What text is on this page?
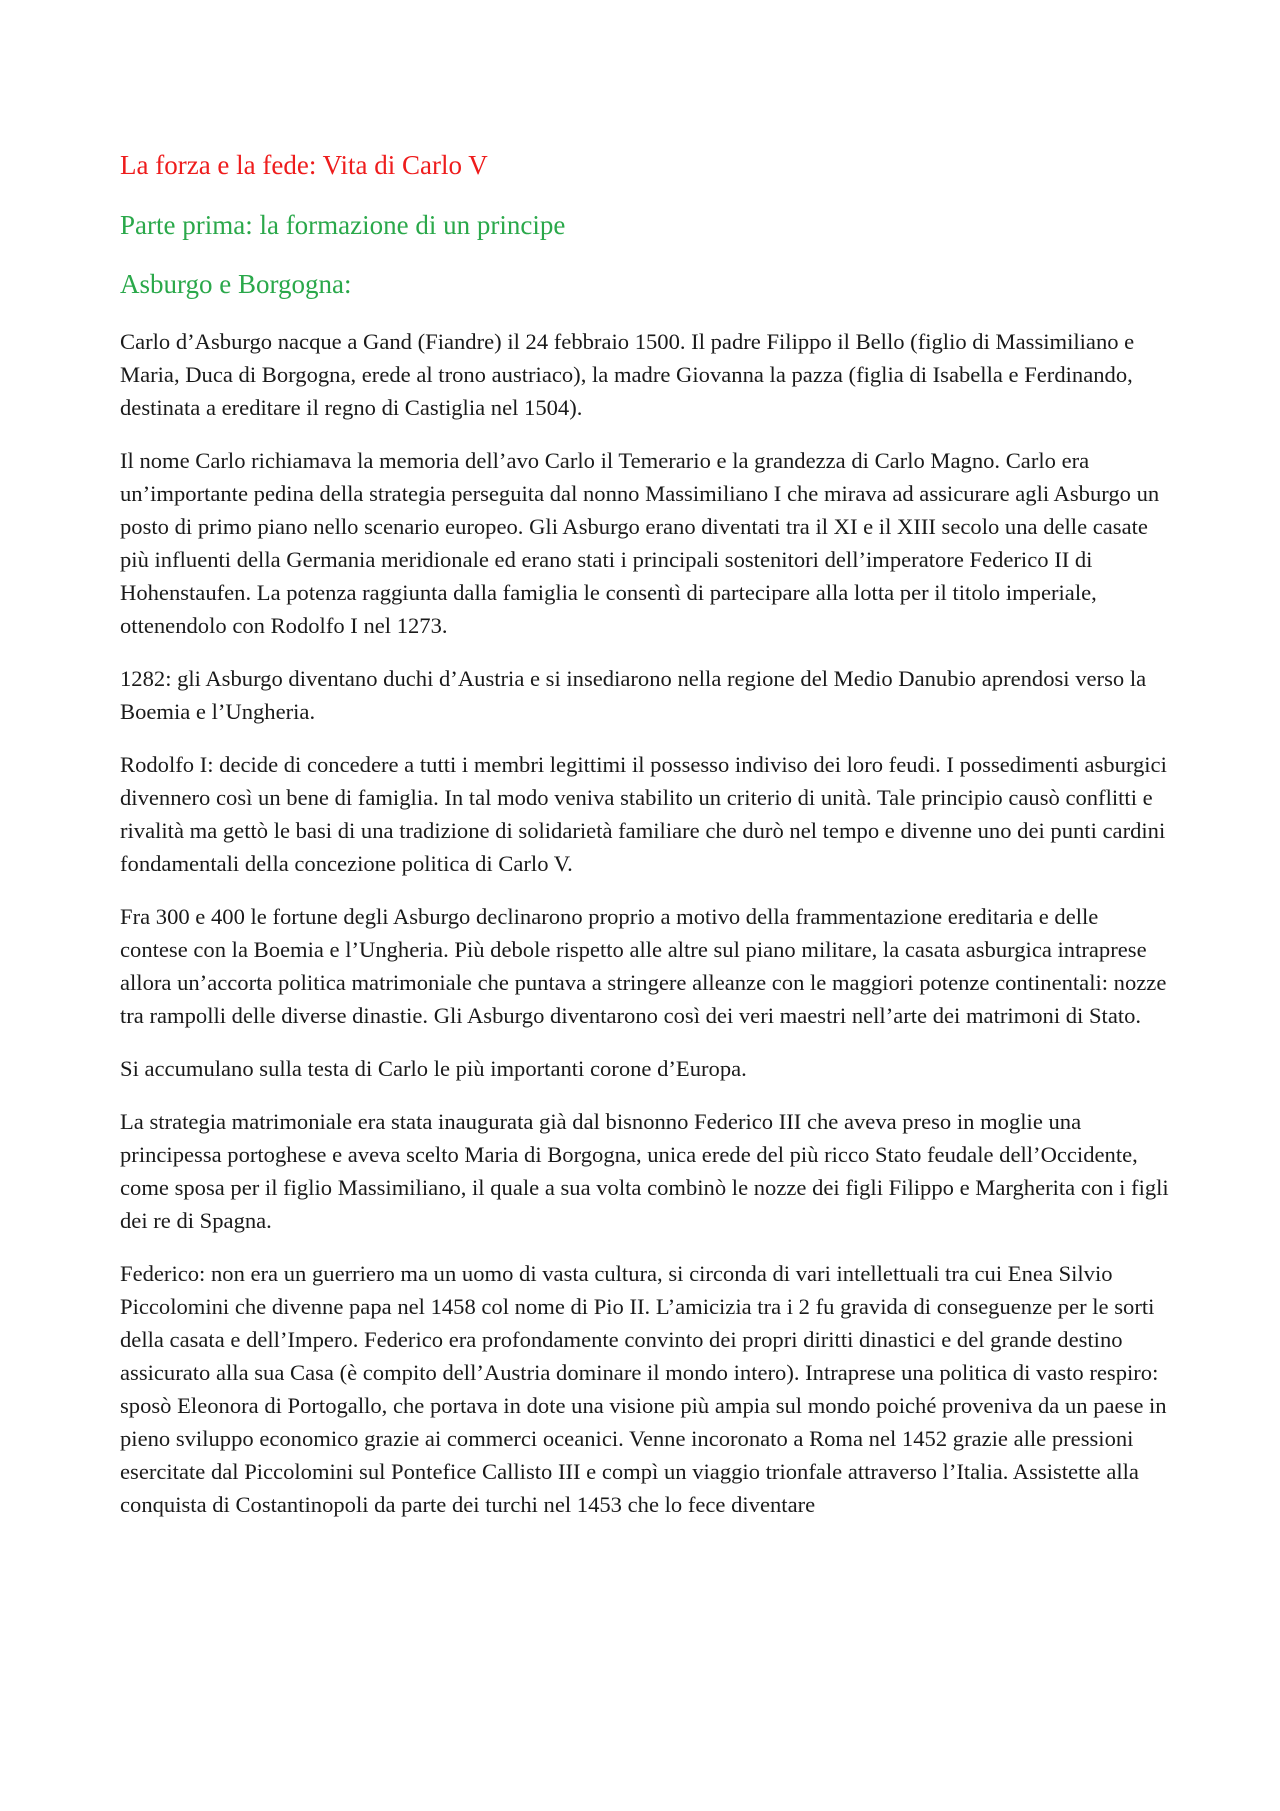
La forza e la fede: Vita di Carlo V
Parte prima: la formazione di un principe
Asburgo e Borgogna:

Carlo d’Asburgo nacque a Gand (Fiandre) il 24 febbraio 1500. Il padre Filippo il Bello (figlio di Massimiliano e Maria, Duca di Borgogna, erede al trono austriaco), la madre Giovanna la pazza (figlia di Isabella e Ferdinando, destinata a ereditare il regno di Castiglia nel 1504).

Il nome Carlo richiamava la memoria dell’avo Carlo il Temerario e la grandezza di Carlo Magno. Carlo era un’importante pedina della strategia perseguita dal nonno Massimiliano I che mirava ad assicurare agli Asburgo un posto di primo piano nello scenario europeo. Gli Asburgo erano diventati tra il XI e il XIII secolo una delle casate più influenti della Germania meridionale ed erano stati i principali sostenitori dell’imperatore Federico II di Hohenstaufen. La potenza raggiunta dalla famiglia le consentì di partecipare alla lotta per il titolo imperiale, ottenendolo con Rodolfo I nel 1273.

1282: gli Asburgo diventano duchi d’Austria e si insediarono nella regione del Medio Danubio aprendosi verso la Boemia e l’Ungheria.

Rodolfo I: decide di concedere a tutti i membri legittimi il possesso indiviso dei loro feudi. I possedimenti asburgici divennero così un bene di famiglia. In tal modo veniva stabilito un criterio di unità. Tale principio causò conflitti e rivalità ma gettò le basi di una tradizione di solidarietà familiare che durò nel tempo e divenne uno dei punti cardini fondamentali della concezione politica di Carlo V.

Fra 300 e 400 le fortune degli Asburgo declinarono proprio a motivo della frammentazione ereditaria e delle contese con la Boemia e l’Ungheria. Più debole rispetto alle altre sul piano militare, la casata asburgica intraprese allora un’accorta politica matrimoniale che puntava a stringere alleanze con le maggiori potenze continentali: nozze tra rampolli delle diverse dinastie. Gli Asburgo diventarono così dei veri maestri nell’arte dei matrimoni di Stato.

Si accumulano sulla testa di Carlo le più importanti corone d’Europa.

La strategia matrimoniale era stata inaugurata già dal bisnonno Federico III che aveva preso in moglie una principessa portoghese e aveva scelto Maria di Borgogna, unica erede del più ricco Stato feudale dell’Occidente, come sposa per il figlio Massimiliano, il quale a sua volta combinò le nozze dei figli Filippo e Margherita con i figli dei re di Spagna.

Federico: non era un guerriero ma un uomo di vasta cultura, si circonda di vari intellettuali tra cui Enea Silvio Piccolomini che divenne papa nel 1458 col nome di Pio II. L’amicizia tra i 2 fu gravida di conseguenze per le sorti della casata e dell’Impero. Federico era profondamente convinto dei propri diritti dinastici e del grande destino assicurato alla sua Casa (è compito dell’Austria dominare il mondo intero). Intraprese una politica di vasto respiro: sposò Eleonora di Portogallo, che portava in dote una visione più ampia sul mondo poiché proveniva da un paese in pieno sviluppo economico grazie ai commerci oceanici. Venne incoronato a Roma nel 1452 grazie alle pressioni esercitate dal Piccolomini sul Pontefice Callisto III e compì un viaggio trionfale attraverso l’Italia. Assistette alla conquista di Costantinopoli da parte dei turchi nel 1453 che lo fece diventare
